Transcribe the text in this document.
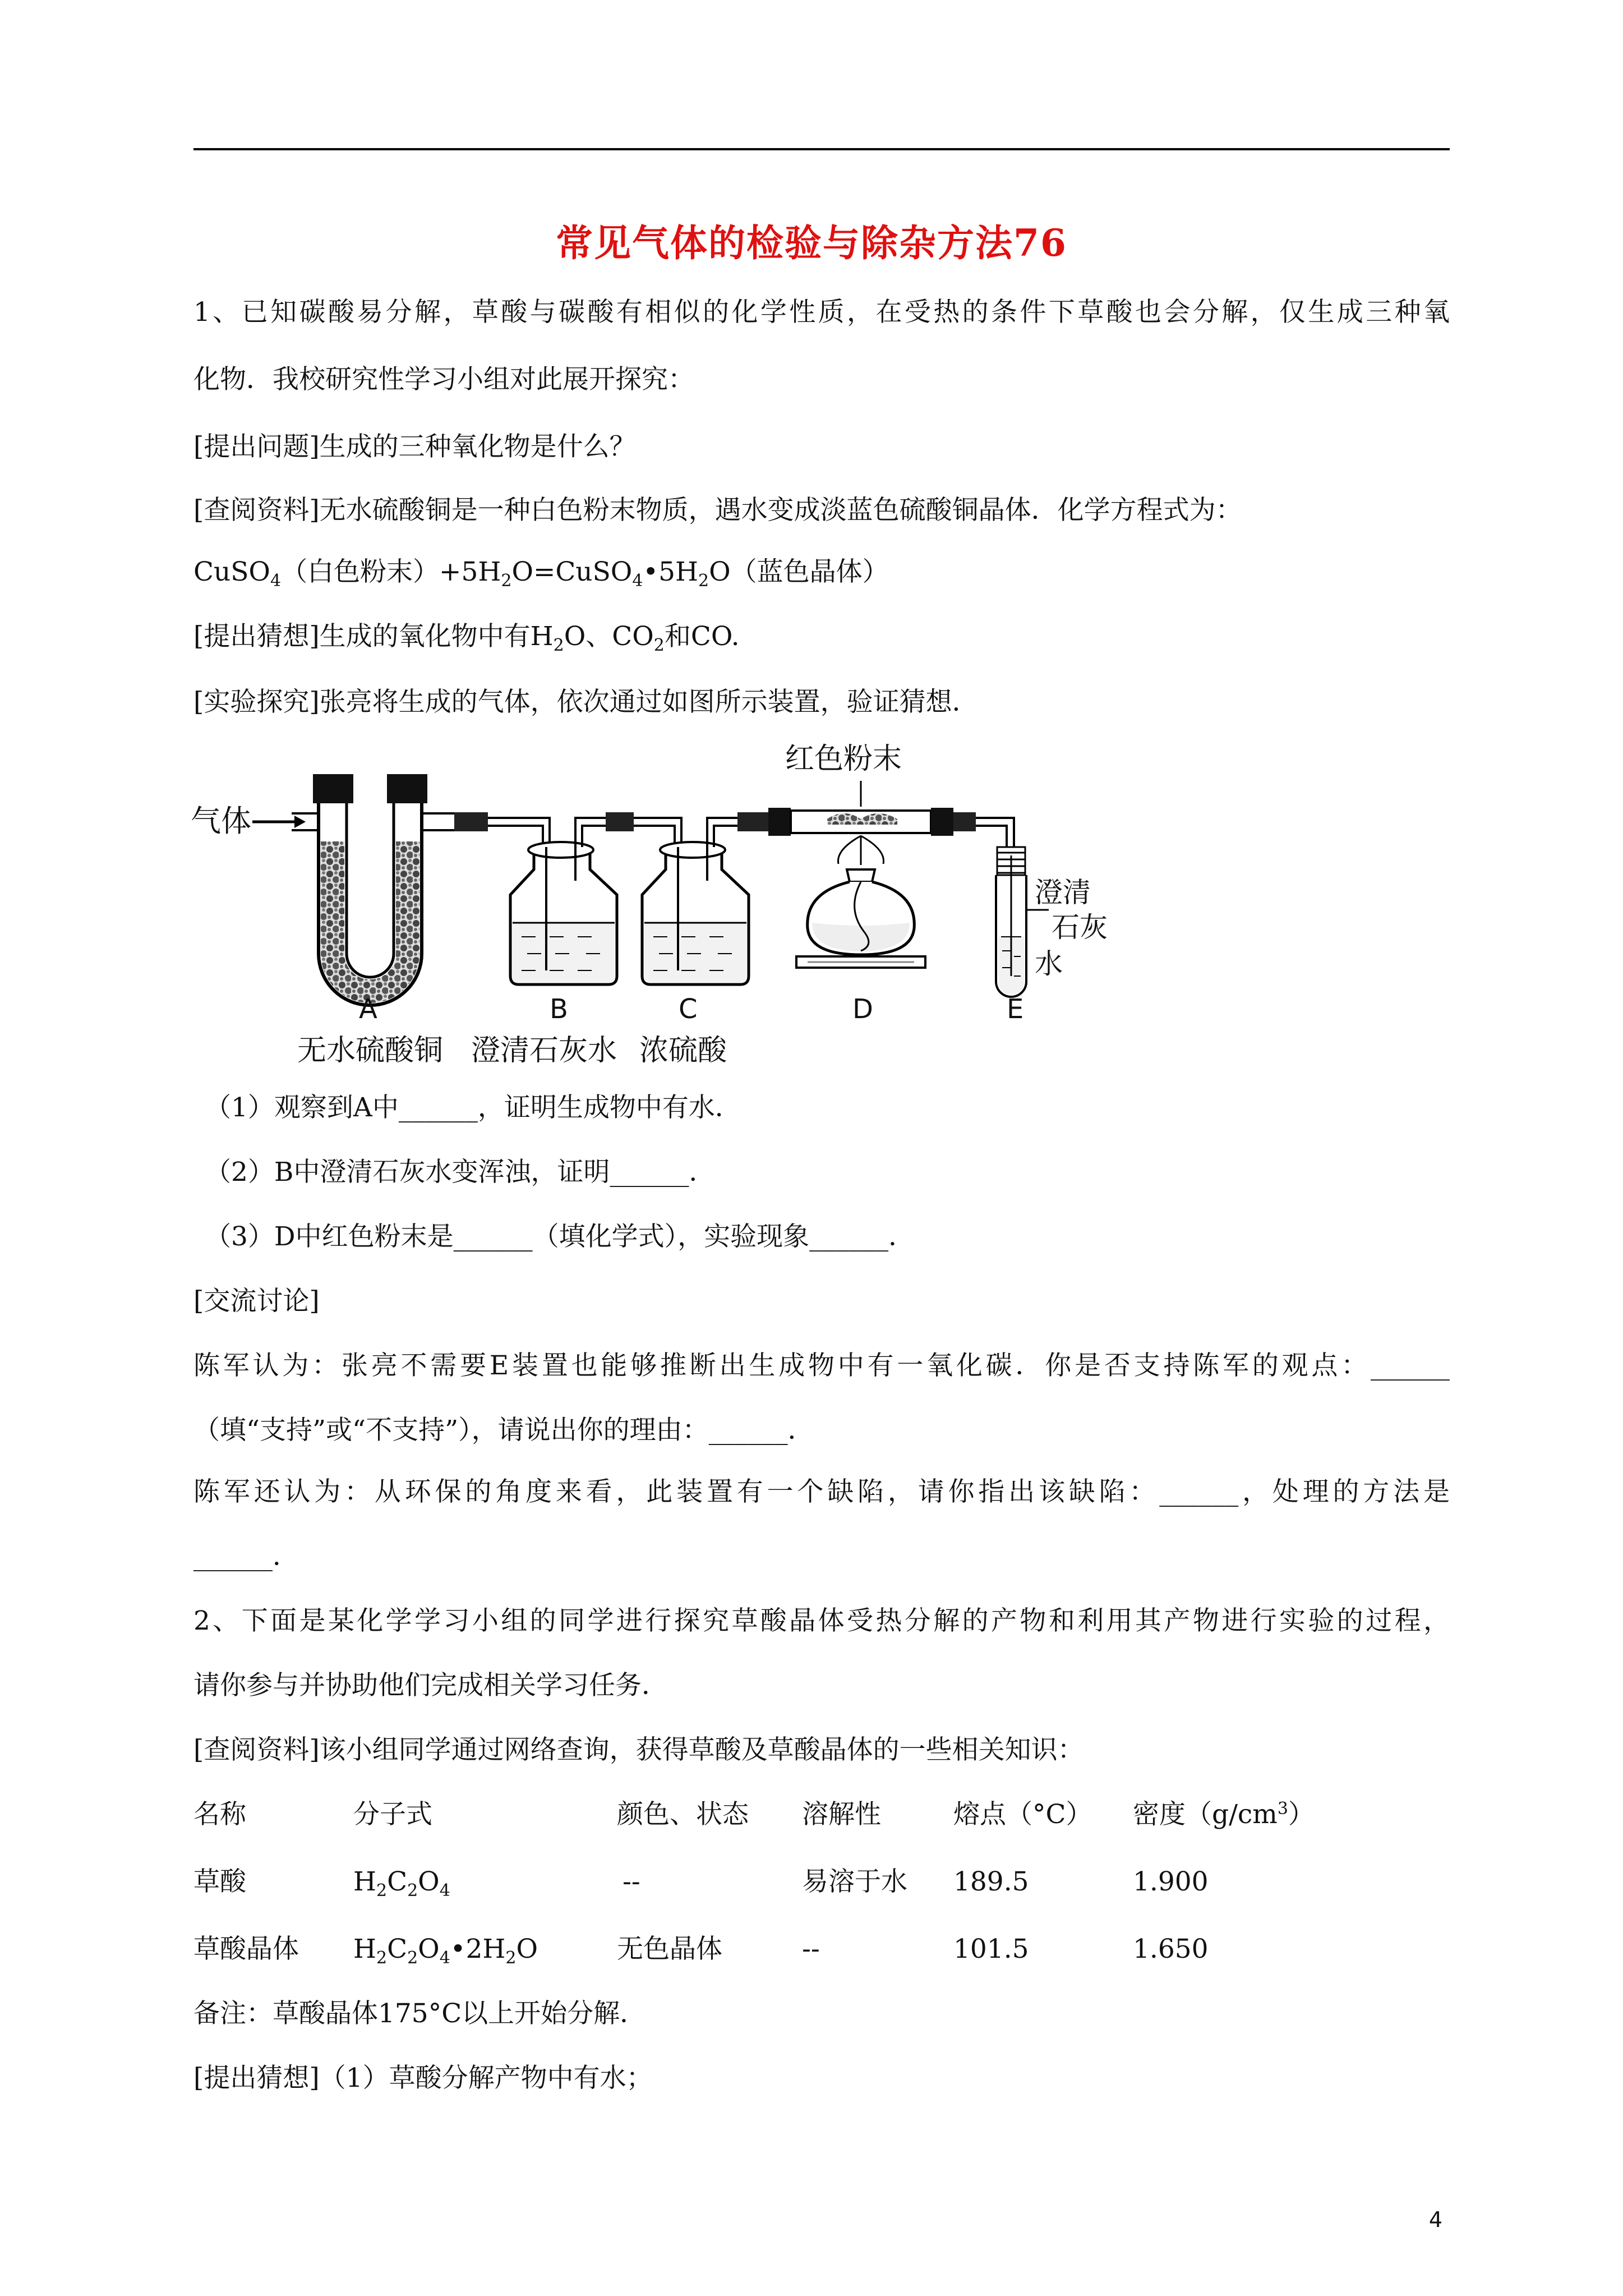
常见气体的检验与除杂方法76
1、已知碳酸易分解，草酸与碳酸有相似的化学性质，在受热的条件下草酸也会分解，仅生成三种氧
化物．我校研究性学习小组对此展开探究：
[提出问题]生成的三种氧化物是什么？
[查阅资料]无水硫酸铜是一种白色粉末物质，遇水变成淡蓝色硫酸铜晶体．化学方程式为：
CuSO$_4$（白色粉末）$+5H_2O=CuSO_4•5H_2O$（蓝色晶体）
[提出猜想]生成的氧化物中有$H_2O$、$CO_2$和CO.
[实验探究]张亮将生成的气体，依次通过如图所示装置，验证猜想．
气体
红色粉末
澄清
石灰
水
A	B	C	D	E
无水硫酸铜 澄清石灰水 浓硫酸
（1）观察到A中______，证明生成物中有水．
（2）B中澄清石灰水变浑浊，证明______．
（3）D中红色粉末是______（填化学式），实验现象______．
[交流讨论]
陈军认为：张亮不需要E装置也能够推断出生成物中有一氧化碳．你是否支持陈军的观点：______
（填“支持”或“不支持”），请说出你的理由：______．
陈军还认为：从环保的角度来看，此装置有一个缺陷，请你指出该缺陷：______，处理的方法是
______．
2、下面是某化学学习小组的同学进行探究草酸晶体受热分解的产物和利用其产物进行实验的过程，
请你参与并协助他们完成相关学习任务．
[查阅资料]该小组同学通过网络查询，获得草酸及草酸晶体的一些相关知识：
名称	分子式	颜色、状态 溶解性	熔点（°C） 密度$(g/cm^3)$
草酸	$H_2C_2O_4$	--	易溶于水 189.5	1.900
草酸晶体 $H_2C_2O_4•2H_2O$	无色晶体	--	101.5	1.650
备注：草酸晶体175°C以上开始分解．
[提出猜想]（1）草酸分解产物中有水；
4
